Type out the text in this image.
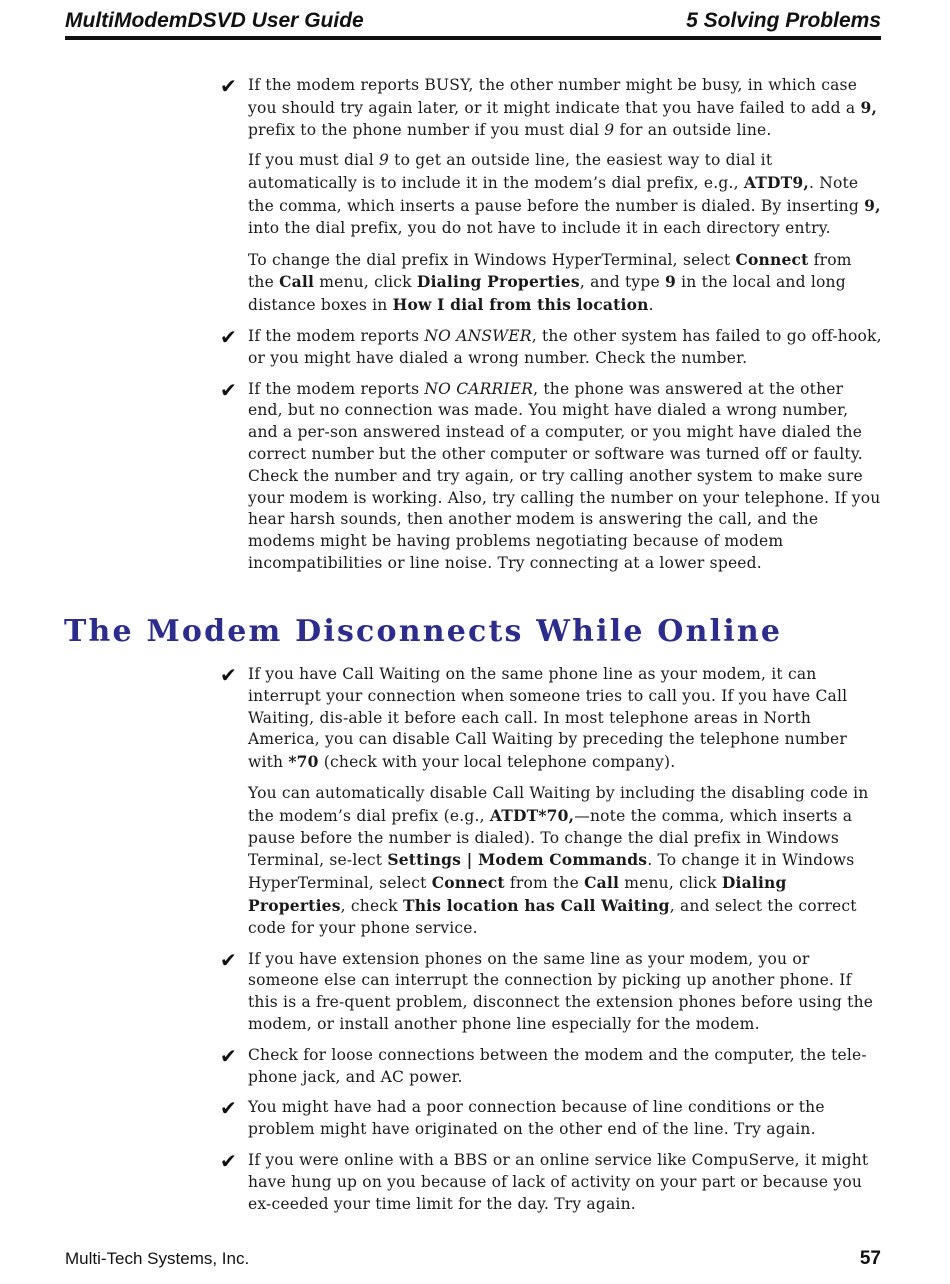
MultiModemDSVD User Guide	5 Solving Problems
✔ If the modem reports BUSY, the other number might be busy, in which case you should try again later, or it might indicate that you have failed to add a 9, prefix to the phone number if you must dial 9 for an outside line.

If you must dial 9 to get an outside line, the easiest way to dial it automatically is to include it in the modem’s dial prefix, e.g., ATDT9,. Note the comma, which inserts a pause before the number is dialed. By inserting 9, into the dial prefix, you do not have to include it in each directory entry.

To change the dial prefix in Windows HyperTerminal, select Connect from the Call menu, click Dialing Properties, and type 9 in the local and long distance boxes in How I dial from this location.

✔ If the modem reports NO ANSWER, the other system has failed to go off-hook, or you might have dialed a wrong number. Check the number.

✔ If the modem reports NO CARRIER, the phone was answered at the other end, but no connection was made. You might have dialed a wrong number, and a per-son answered instead of a computer, or you might have dialed the correct number but the other computer or software was turned off or faulty. Check the number and try again, or try calling another system to make sure your modem is working. Also, try calling the number on your telephone. If you hear harsh sounds, then another modem is answering the call, and the modems might be having problems negotiating because of modem incompatibilities or line noise. Try connecting at a lower speed.

The Modem Disconnects While Online
✔ If you have Call Waiting on the same phone line as your modem, it can interrupt your connection when someone tries to call you. If you have Call Waiting, dis-able it before each call. In most telephone areas in North America, you can disable Call Waiting by preceding the telephone number with *70 (check with your local telephone company).

You can automatically disable Call Waiting by including the disabling code in the modem’s dial prefix (e.g., ATDT*70,—note the comma, which inserts a pause before the number is dialed). To change the dial prefix in Windows Terminal, se-lect Settings | Modem Commands. To change it in Windows HyperTerminal, select Connect from the Call menu, click Dialing Properties, check This location has Call Waiting, and select the correct code for your phone service.

✔ If you have extension phones on the same line as your modem, you or someone else can interrupt the connection by picking up another phone. If this is a fre-quent problem, disconnect the extension phones before using the modem, or install another phone line especially for the modem.

✔ Check for loose connections between the modem and the computer, the tele-phone jack, and AC power.

✔ You might have had a poor connection because of line conditions or the problem might have originated on the other end of the line. Try again.

✔ If you were online with a BBS or an online service like CompuServe, it might have hung up on you because of lack of activity on your part or because you ex-ceeded your time limit for the day. Try again.

Multi-Tech Systems, Inc.	57
